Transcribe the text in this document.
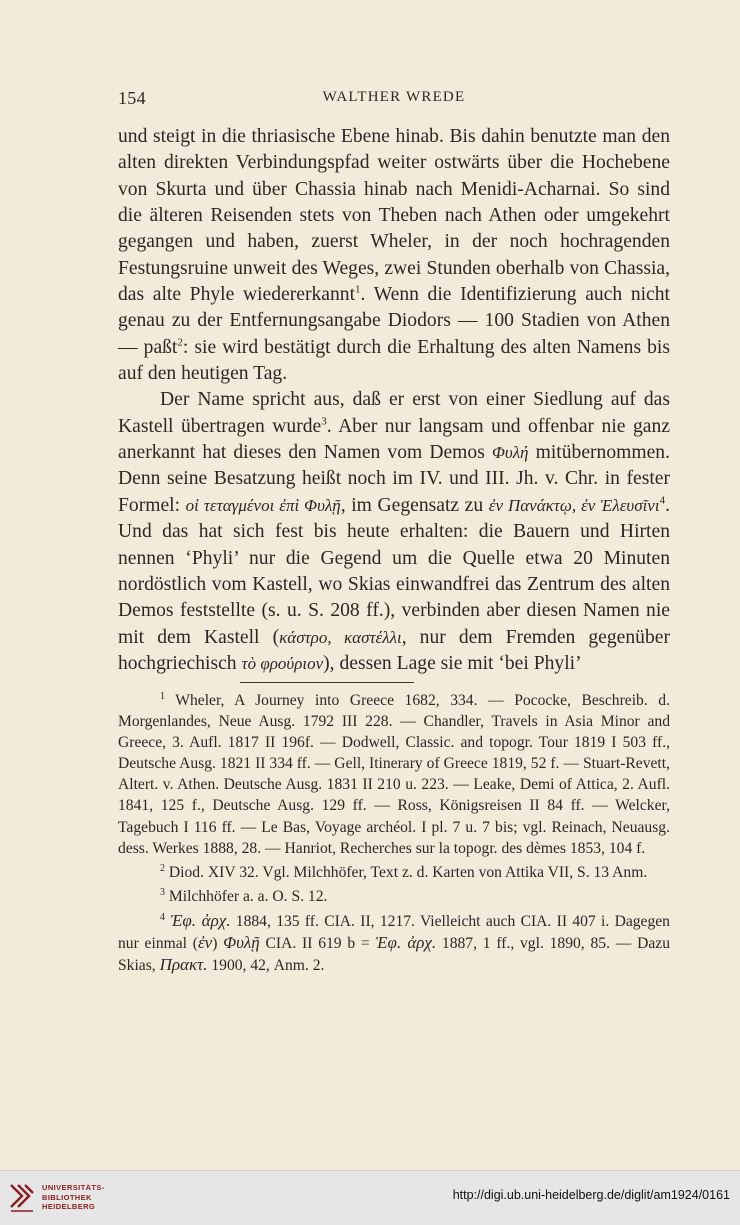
154	WALTHER WREDE

und steigt in die thriasische Ebene hinab. Bis dahin benutzte man den alten direkten Verbindungspfad weiter ostwärts über die Hochebene von Skurta und über Chassia hinab nach Menidi-Acharnai. So sind die älteren Reisenden stets von Theben nach Athen oder umgekehrt gegangen und haben, zuerst Wheler, in der noch hochragenden Festungsruine unweit des Weges, zwei Stunden oberhalb von Chassia, das alte Phyle wiedererkannt$^1$. Wenn die Identifizierung auch nicht genau zu der Entfernungsangabe Diodors — 100 Stadien von Athen — paßt$^2$: sie wird bestätigt durch die Erhaltung des alten Namens bis auf den heutigen Tag.

Der Name spricht aus, daß er erst von einer Siedlung auf das Kastell übertragen wurde$^3$. Aber nur langsam und offenbar nie ganz anerkannt hat dieses den Namen vom Demos Φυλή mitübernommen. Denn seine Besatzung heißt noch im IV. und III. Jh. v. Chr. in fester Formel: οἱ τεταγμένοι ἐπὶ Φυλῇ, im Gegensatz zu ἐν Πανάκτῳ, ἐν Ἐλευσῖνι$^4$. Und das hat sich fest bis heute erhalten: die Bauern und Hirten nennen ‘Phyli’ nur die Gegend um die Quelle etwa 20 Minuten nordöstlich vom Kastell, wo Skias einwandfrei das Zentrum des alten Demos feststellte (s. u. S. 208 ff.), verbinden aber diesen Namen nie mit dem Kastell (κάστρο, καστέλλι, nur dem Fremden gegenüber hochgriechisch τὸ φρούριον), dessen Lage sie mit ‘bei Phyli’

$^1$ Wheler, A Journey into Greece 1682, 334. — Pococke, Beschreib. d. Morgenlandes, Neue Ausg. 1792 III 228. — Chandler, Travels in Asia Minor and Greece, 3. Aufl. 1817 II 196f. — Dodwell, Classic. and topogr. Tour 1819 I 503 ff., Deutsche Ausg. 1821 II 334 ff. — Gell, Itinerary of Greece 1819, 52 f. — Stuart-Revett, Altert. v. Athen. Deutsche Ausg. 1831 II 210 u. 223. — Leake, Demi of Attica, 2. Aufl. 1841, 125 f., Deutsche Ausg. 129 ff. — Ross, Königsreisen II 84 ff. — Welcker, Tagebuch I 116 ff. — Le Bas, Voyage archéol. I pl. 7 u. 7 bis; vgl. Reinach, Neuausg. dess. Werkes 1888, 28. — Hanriot, Recherches sur la topogr. des dèmes 1853, 104 f.

$^2$ Diod. XIV 32. Vgl. Milchhöfer, Text z. d. Karten von Attika VII, S. 13 Anm.

$^3$ Milchhöfer a. a. O. S. 12.

$^4$ Ἐφ. ἀρχ. 1884, 135 ff. CIA. II, 1217. Vielleicht auch CIA. II 407 i. Dagegen nur einmal (ἐν) Φυλῇ CIA. II 619 b = Ἐφ. ἀρχ. 1887, 1 ff., vgl. 1890, 85. — Dazu Skias, Πρακτ. 1900, 42, Anm. 2.

UNIVERSITÄTS-
BIBLIOTHEK
HEIDELBERG
http://digi.ub.uni-heidelberg.de/diglit/am1924/0161
